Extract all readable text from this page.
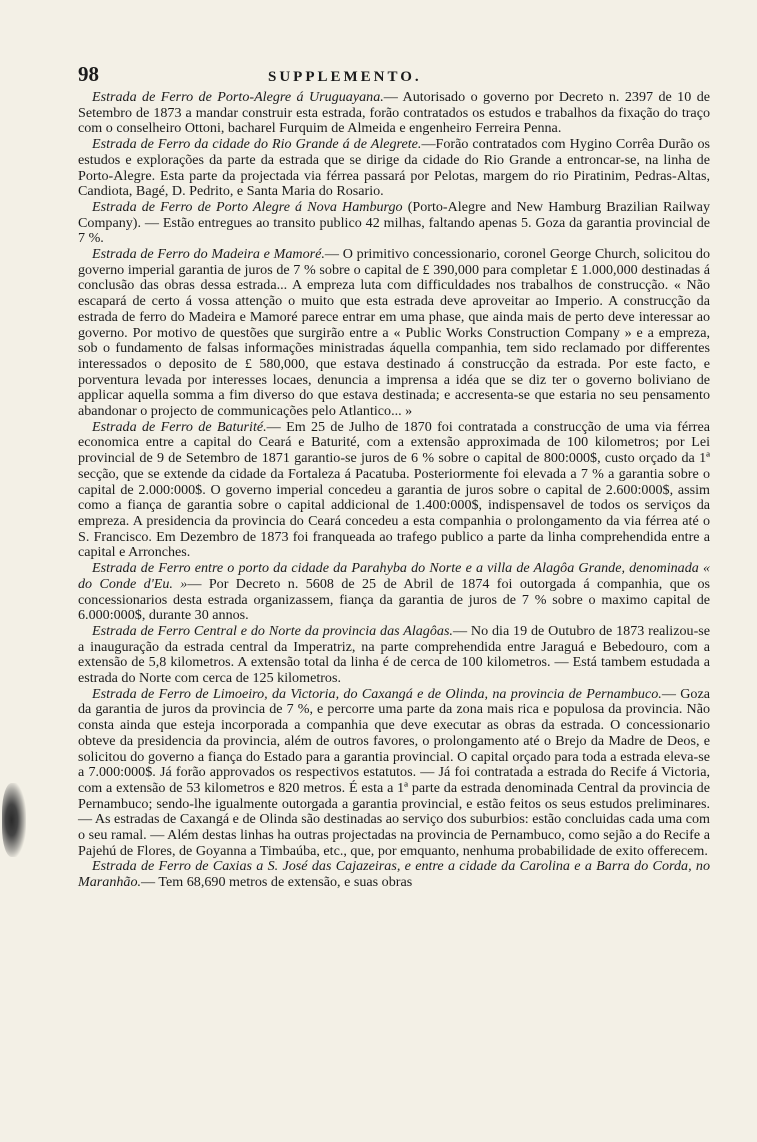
98	SUPPLEMENTO.

Estrada de Ferro de Porto-Alegre á Uruguayana.— Autorisado o governo por Decreto n. 2397 de 10 de Setembro de 1873 a mandar construir esta estrada, forão contratados os estudos e trabalhos da fixação do traço com o conselheiro Ottoni, bacharel Furquim de Almeida e engenheiro Ferreira Penna.

Estrada de Ferro da cidade do Rio Grande á de Alegrete.—Forão contratados com Hygino Corrêa Durão os estudos e explorações da parte da estrada que se dirige da cidade do Rio Grande a entroncar-se, na linha de Porto-Alegre. Esta parte da projectada via férrea passará por Pelotas, margem do rio Piratinim, Pedras-Altas, Candiota, Bagé, D. Pedrito, e Santa Maria do Rosario.

Estrada de Ferro de Porto Alegre á Nova Hamburgo (Porto-Alegre and New Hamburg Brazilian Railway Company). — Estão entregues ao transito publico 42 milhas, faltando apenas 5. Goza da garantia provincial de 7 %.

Estrada de Ferro do Madeira e Mamoré.— O primitivo concessionario, coronel George Church, solicitou do governo imperial garantia de juros de 7 % sobre o capital de £ 390,000 para completar £ 1.000,000 destinadas á conclusão das obras dessa estrada... A empreza luta com difficuldades nos trabalhos de construcção. « Não escapará de certo á vossa attenção o muito que esta estrada deve aproveitar ao Imperio. A construcção da estrada de ferro do Madeira e Mamoré parece entrar em uma phase, que ainda mais de perto deve interessar ao governo. Por motivo de questões que surgirão entre a « Public Works Construction Company » e a empreza, sob o fundamento de falsas informações ministradas áquella companhia, tem sido reclamado por differentes interessados o deposito de £ 580,000, que estava destinado á construcção da estrada. Por este facto, e porventura levada por interesses locaes, denuncia a imprensa a idéa que se diz ter o governo boliviano de applicar aquella somma a fim diverso do que estava destinada; e accresenta-se que estaria no seu pensamento abandonar o projecto de communicações pelo Atlantico... »

Estrada de Ferro de Baturité.— Em 25 de Julho de 1870 foi contratada a construcção de uma via férrea economica entre a capital do Ceará e Baturité, com a extensão approximada de 100 kilometros; por Lei provincial de 9 de Setembro de 1871 garantio-se juros de 6 % sobre o capital de 800:000$, custo orçado da 1ª secção, que se extende da cidade da Fortaleza á Pacatuba. Posteriormente foi elevada a 7 % a garantia sobre o capital de 2.000:000$. O governo imperial concedeu a garantia de juros sobre o capital de 2.600:000$, assim como a fiança de garantia sobre o capital addicional de 1.400:000$, indispensavel de todos os serviços da empreza. A presidencia da provincia do Ceará concedeu a esta companhia o prolongamento da via férrea até o S. Francisco. Em Dezembro de 1873 foi franqueada ao trafego publico a parte da linha comprehendida entre a capital e Arronches.

Estrada de Ferro entre o porto da cidade da Parahyba do Norte e a villa de Alagôa Grande, denominada « do Conde d'Eu. »— Por Decreto n. 5608 de 25 de Abril de 1874 foi outorgada á companhia, que os concessionarios desta estrada organizassem, fiança da garantia de juros de 7 % sobre o maximo capital de 6.000:000$, durante 30 annos.

Estrada de Ferro Central e do Norte da provincia das Alagôas.— No dia 19 de Outubro de 1873 realizou-se a inauguração da estrada central da Imperatriz, na parte comprehendida entre Jaraguá e Bebedouro, com a extensão de 5,8 kilometros. A extensão total da linha é de cerca de 100 kilometros. — Está tambem estudada a estrada do Norte com cerca de 125 kilometros.

Estrada de Ferro de Limoeiro, da Victoria, do Caxangá e de Olinda, na provincia de Pernambuco.— Goza da garantia de juros da provincia de 7 %, e percorre uma parte da zona mais rica e populosa da provincia. Não consta ainda que esteja incorporada a companhia que deve executar as obras da estrada. O concessionario obteve da presidencia da provincia, além de outros favores, o prolongamento até o Brejo da Madre de Deos, e solicitou do governo a fiança do Estado para a garantia provincial. O capital orçado para toda a estrada eleva-se a 7.000:000$. Já forão approvados os respectivos estatutos. — Já foi contratada a estrada do Recife á Victoria, com a extensão de 53 kilometros e 820 metros. É esta a 1ª parte da estrada denominada Central da provincia de Pernambuco; sendo-lhe igualmente outorgada a garantia provincial, e estão feitos os seus estudos preliminares. — As estradas de Caxangá e de Olinda são destinadas ao serviço dos suburbios: estão concluidas cada uma com o seu ramal. — Além destas linhas ha outras projectadas na provincia de Pernambuco, como sejão a do Recife a Pajehú de Flores, de Goyanna a Timbaúba, etc., que, por emquanto, nenhuma probabilidade de exito offerecem.

Estrada de Ferro de Caxias a S. José das Cajazeiras, e entre a cidade da Carolina e a Barra do Corda, no Maranhão.— Tem 68,690 metros de extensão, e suas obras
